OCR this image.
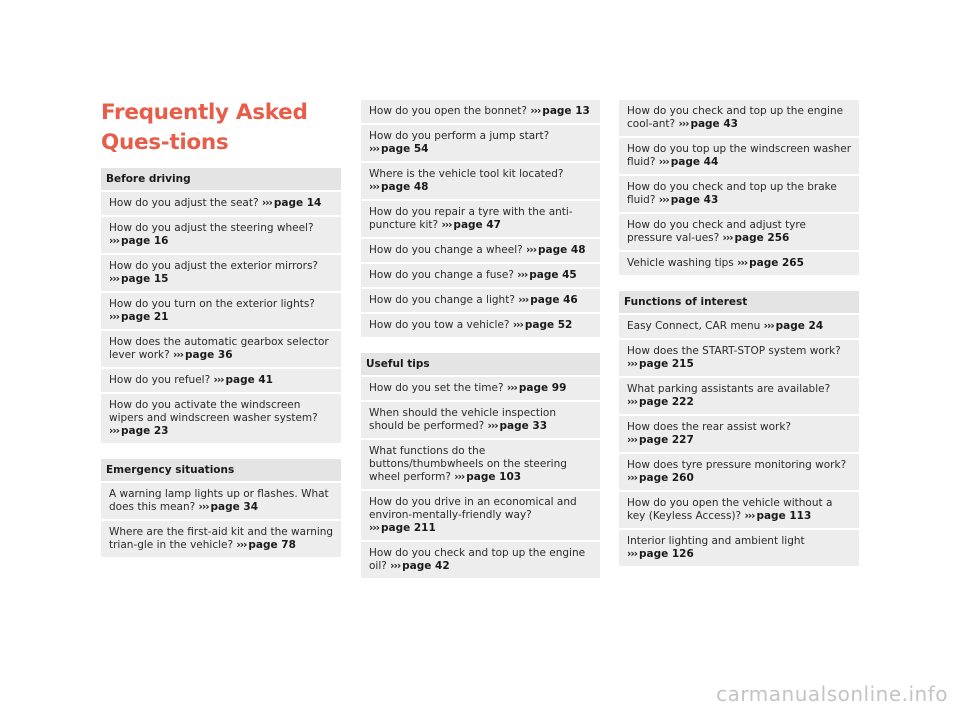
Frequently Asked Ques-tions
Before driving
How do you adjust the seat? ››› page 14
How do you adjust the steering wheel? ››› page 16
How do you adjust the exterior mirrors? ››› page 15
How do you turn on the exterior lights? ››› page 21
How does the automatic gearbox selector lever work? ››› page 36
How do you refuel? ››› page 41
How do you activate the windscreen wipers and windscreen washer system? ››› page 23
Emergency situations
A warning lamp lights up or flashes. What does this mean? ››› page 34
Where are the first-aid kit and the warning trian-gle in the vehicle? ››› page 78
How do you open the bonnet? ››› page 13
How do you perform a jump start? ››› page 54
Where is the vehicle tool kit located? ››› page 48
How do you repair a tyre with the anti-puncture kit? ››› page 47
How do you change a wheel? ››› page 48
How do you change a fuse? ››› page 45
How do you change a light? ››› page 46
How do you tow a vehicle? ››› page 52
Useful tips
How do you set the time? ››› page 99
When should the vehicle inspection should be performed? ››› page 33
What functions do the buttons/thumbwheels on the steering wheel perform? ››› page 103
How do you drive in an economical and environ-mentally-friendly way? ››› page 211
How do you check and top up the engine oil? ››› page 42
How do you check and top up the engine cool-ant? ››› page 43
How do you top up the windscreen washer fluid? ››› page 44
How do you check and top up the brake fluid? ››› page 43
How do you check and adjust tyre pressure val-ues? ››› page 256
Vehicle washing tips ››› page 265
Functions of interest
Easy Connect, CAR menu ››› page 24
How does the START-STOP system work? ››› page 215
What parking assistants are available? ››› page 222
How does the rear assist work? ››› page 227
How does tyre pressure monitoring work? ››› page 260
How do you open the vehicle without a key (Keyless Access)? ››› page 113
Interior lighting and ambient light ››› page 126
carmanualsonline.info
